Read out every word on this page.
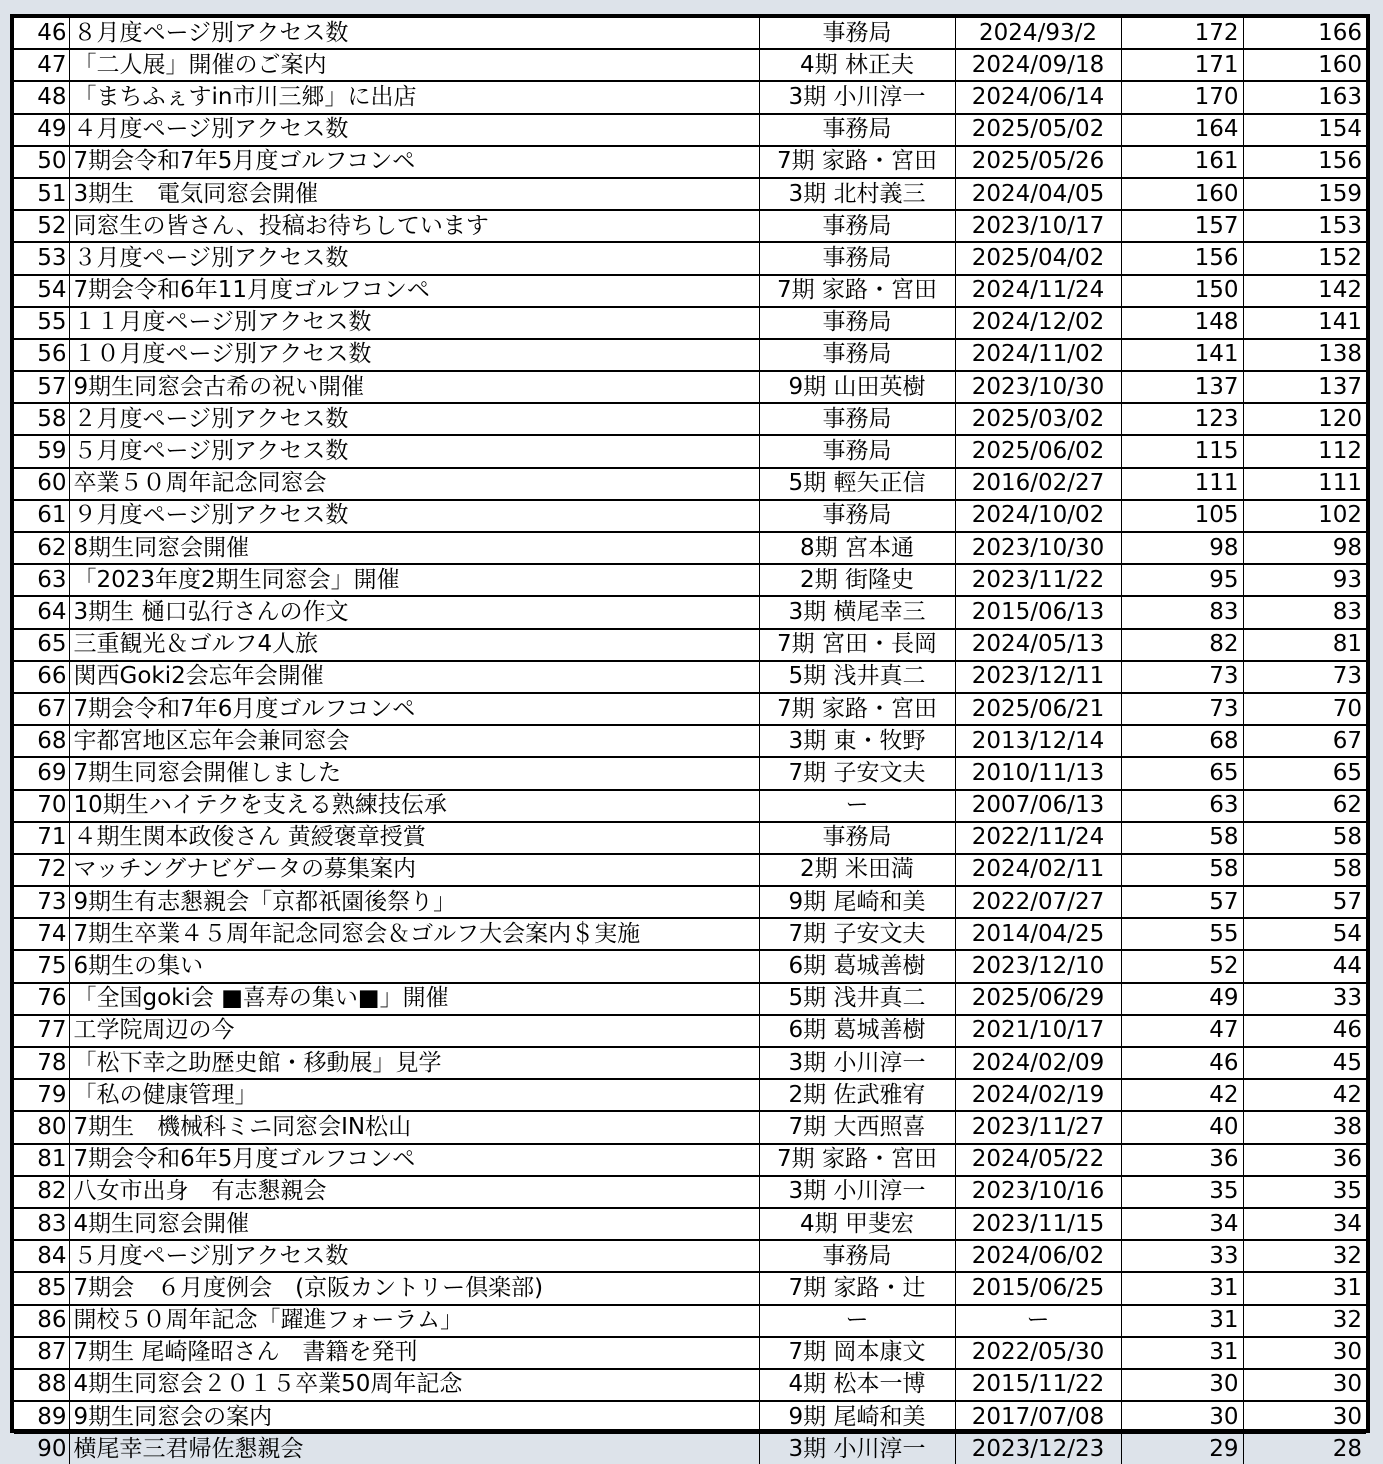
46	８月度ページ別アクセス数	事務局	2024/93/2	172	166
47	「二人展」開催のご案内	4期 林正夫	2024/09/18	171	160
48	「まちふぇすin市川三郷」に出店	3期 小川淳一	2024/06/14	170	163
49	４月度ページ別アクセス数	事務局	2025/05/02	164	154
50	7期会令和7年5月度ゴルフコンペ	7期 家路・宮田	2025/05/26	161	156
51	3期生　電気同窓会開催	3期 北村義三	2024/04/05	160	159
52	同窓生の皆さん、投稿お待ちしています	事務局	2023/10/17	157	153
53	３月度ページ別アクセス数	事務局	2025/04/02	156	152
54	7期会令和6年11月度ゴルフコンペ	7期 家路・宮田	2024/11/24	150	142
55	１１月度ページ別アクセス数	事務局	2024/12/02	148	141
56	１０月度ページ別アクセス数	事務局	2024/11/02	141	138
57	9期生同窓会古希の祝い開催	9期 山田英樹	2023/10/30	137	137
58	２月度ページ別アクセス数	事務局	2025/03/02	123	120
59	５月度ページ別アクセス数	事務局	2025/06/02	115	112
60	卒業５０周年記念同窓会	5期 輕矢正信	2016/02/27	111	111
61	９月度ページ別アクセス数	事務局	2024/10/02	105	102
62	8期生同窓会開催	8期 宮本通	2023/10/30	98	98
63	「2023年度2期生同窓会」開催	2期 街隆史	2023/11/22	95	93
64	3期生 樋口弘行さんの作文	3期 横尾幸三	2015/06/13	83	83
65	三重観光＆ゴルフ4人旅	7期 宮田・長岡	2024/05/13	82	81
66	関西Goki2会忘年会開催	5期 浅井真二	2023/12/11	73	73
67	7期会令和7年6月度ゴルフコンペ	7期 家路・宮田	2025/06/21	73	70
68	宇都宮地区忘年会兼同窓会	3期 東・牧野	2013/12/14	68	67
69	7期生同窓会開催しました	7期 子安文夫	2010/11/13	65	65
70	10期生ハイテクを支える熟練技伝承	ー	2007/06/13	63	62
71	４期生関本政俊さん 黄綬褒章授賞	事務局	2022/11/24	58	58
72	マッチングナビゲータの募集案内	2期 米田満	2024/02/11	58	58
73	9期生有志懇親会「京都祇園後祭り」	9期 尾崎和美	2022/07/27	57	57
74	7期生卒業４５周年記念同窓会＆ゴルフ大会案内＄実施	7期 子安文夫	2014/04/25	55	54
75	6期生の集い	6期 葛城善樹	2023/12/10	52	44
76	「全国goki会 ■喜寿の集い■」開催	5期 浅井真二	2025/06/29	49	33
77	工学院周辺の今	6期 葛城善樹	2021/10/17	47	46
78	「松下幸之助歴史館・移動展」見学	3期 小川淳一	2024/02/09	46	45
79	「私の健康管理」	2期 佐武雅宥	2024/02/19	42	42
80	7期生　機械科ミニ同窓会IN松山	7期 大西照喜	2023/11/27	40	38
81	7期会令和6年5月度ゴルフコンペ	7期 家路・宮田	2024/05/22	36	36
82	八女市出身　有志懇親会	3期 小川淳一	2023/10/16	35	35
83	4期生同窓会開催	4期 甲斐宏	2023/11/15	34	34
84	５月度ページ別アクセス数	事務局	2024/06/02	33	32
85	7期会　６月度例会　(京阪カントリー倶楽部)	7期 家路・辻	2015/06/25	31	31
86	開校５０周年記念「躍進フォーラム」	ー	ー	31	32
87	7期生 尾崎隆昭さん　書籍を発刊	7期 岡本康文	2022/05/30	31	30
88	4期生同窓会２０１５卒業50周年記念	4期 松本一博	2015/11/22	30	30
89	9期生同窓会の案内	9期 尾崎和美	2017/07/08	30	30
90	横尾幸三君帰佐懇親会	3期 小川淳一	2023/12/23	29	28
